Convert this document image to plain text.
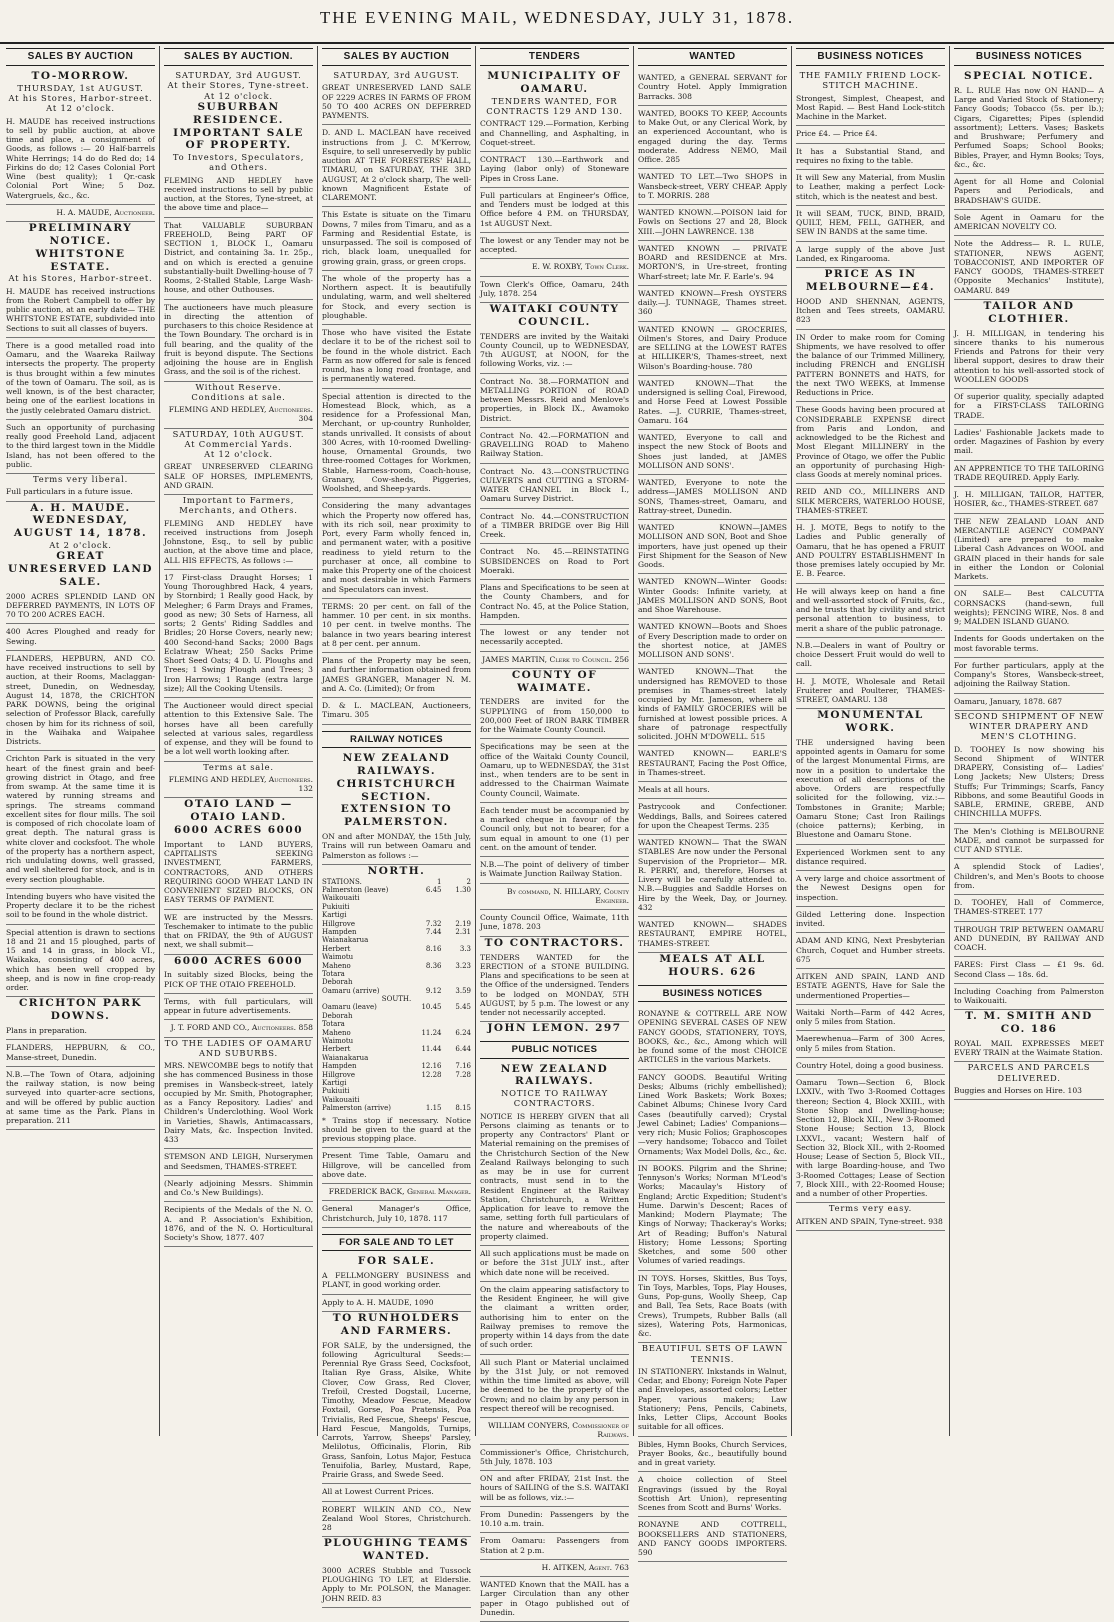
THE EVENING MAIL, WEDNESDAY, JULY 31, 1878.
SALES BY AUCTION
TO-MORROW.
THURSDAY, 1st AUGUST.
At his Stores, Harbor-street.
At 12 o'clock.
H. MAUDE has received instructions to sell by public auction, at above time and place, a consignment of Goods, as follows :— 20 Half-barrels White Herrings; 14 do do Red do; 14 Firkins do do; 12 Cases Colonial Port Wine (best quality); 1 Qr.-cask Colonial Port Wine; 5 Doz. Watergruels, &c., &c.
H. A. MAUDE, Auctioneer.
PRELIMINARY NOTICE.
WHITSTONE ESTATE.
At his Stores, Harbor-street.
H. MAUDE has received instructions from the Robert Campbell to offer by public auction, at an early date— THE WHITSTONE ESTATE, subdivided into Sections to suit all classes of buyers.
There is a good metalled road into Oamaru, and the Waareka Railway intersects the property. The property is thus brought within a few minutes of the town of Oamaru. The soil, as is well known, is of the best character, being one of the earliest locations in the justly celebrated Oamaru district.
Such an opportunity of purchasing really good Freehold Land, adjacent to the third largest town in the Middle Island, has not been offered to the public.
Terms very liberal.
Full particulars in a future issue.
A. H. MAUDE.
WEDNESDAY, AUGUST 14, 1878.
At 2 o'clock.
GREAT UNRESERVED LAND SALE.
2000 ACRES SPLENDID LAND ON DEFERRED PAYMENTS, IN LOTS OF 70 TO 200 ACRES EACH.
400 Acres Ploughed and ready for Sewing.
FLANDERS, HEPBURN, AND CO. have received instructions to sell by auction, at their Rooms, Maclaggan-street, Dunedin, on Wednesday, August 14, 1878, the CRICHTON PARK DOWNS, being the original selection of Professor Black, carefully chosen by him for its richness of soil, in the Waihaka and Waipahee Districts.
Crichton Park is situated in the very heart of the finest grain and beef-growing district in Otago, and free from swamp. At the same time it is watered by running streams and springs. The streams command excellent sites for flour mills. The soil is composed of rich chocolate loam of great depth. The natural grass is white clover and cocksfoot. The whole of the property has a northern aspect, rich undulating downs, well grassed, and well sheltered for stock, and is in every section ploughable.
Intending buyers who have visited the Property declare it to be the richest soil to be found in the whole district.
Special attention is drawn to sections 18 and 21 and 15 ploughed, parts of 15 and 14 in grass, in block VI., Waikaka, consisting of 400 acres, which has been well cropped by sheep, and is now in fine crop-ready order.
CRICHTON PARK DOWNS.
Plans in preparation.
FLANDERS, HEPBURN, & CO., Manse-street, Dunedin.
N.B.—The Town of Otara, adjoining the railway station, is now being surveyed into quarter-acre sections, and will be offered by public auction at same time as the Park. Plans in preparation. 211
SALES BY AUCTION.
SATURDAY, 3rd AUGUST.
At their Stores, Tyne-street.
At 12 o'clock.
SUBURBAN RESIDENCE.
IMPORTANT SALE OF PROPERTY.
To Investors, Speculators, and Others.
FLEMING AND HEDLEY have received instructions to sell by public auction, at the Stores, Tyne-street, at the above time and place—
That VALUABLE SUBURBAN FREEHOLD, Being PART OF SECTION 1, BLOCK I., Oamaru District, and containing 3a. 1r. 25p., and on which is erected a genuine substantially-built Dwelling-house of 7 Rooms, 2-Stalled Stable, Large Wash-house, and other Outhouses.
The auctioneers have much pleasure in directing the attention of purchasers to this choice Residence at the Town Boundary. The orchard is in full bearing, and the quality of the fruit is beyond dispute. The Sections adjoining the house are in English Grass, and the soil is of the richest.
Without Reserve.
Conditions at sale.
FLEMING AND HEDLEY, Auctioneers. 304
SATURDAY, 10th AUGUST.
At Commercial Yards.
At 12 o'clock.
GREAT UNRESERVED CLEARING SALE OF HORSES, IMPLEMENTS, AND GRAIN.
Important to Farmers, Merchants, and Others.
FLEMING AND HEDLEY have received instructions from Joseph Johnstone, Esq., to sell by public auction, at the above time and place, ALL HIS EFFECTS, As follows :—
17 First-class Draught Horses; 1 Young Thoroughbred Hack, 4 years, by Stornbird; 1 Really good Hack, by Melegher; 6 Farm Drays and Frames, good as new; 30 Sets of Harness, all sorts; 2 Gents' Riding Saddles and Bridles; 20 Horse Covers, nearly new; 400 Second-hand Sacks; 2000 Bags Eclatraw Wheat; 250 Sacks Prime Short Seed Oats; 4 D. U. Ploughs and Trees; 1 Swing Plough and Trees; 3 Iron Harrows; 1 Range (extra large size); All the Cooking Utensils.
The Auctioneer would direct special attention to this Extensive Sale. The horses have all been carefully selected at various sales, regardless of expense, and they will be found to be a lot well worth looking after.
Terms at sale.
FLEMING AND HEDLEY, Auctioneers. 132
OTAIO LAND — OTAIO LAND.
6000 ACRES 6000
Important to LAND BUYERS, CAPITALISTS SEEKING INVESTMENT, FARMERS, CONTRACTORS, AND OTHERS REQUIRING GOOD WHEAT LAND IN CONVENIENT SIZED BLOCKS, ON EASY TERMS OF PAYMENT.
WE are instructed by the Messrs. Teschemaker to intimate to the public that on FRIDAY, the 9th of AUGUST next, we shall submit—
6000 ACRES 6000
In suitably sized Blocks, being the PICK OF THE OTAIO FREEHOLD.
Terms, with full particulars, will appear in future advertisements.
J. T. FORD AND CO., Auctioneers. 858
TO THE LADIES OF OAMARU AND SUBURBS.
MRS. NEWCOMBE begs to notify that she has commenced Business in those premises in Wansbeck-street, lately occupied by Mr. Smith, Photographer, as a Fancy Repository. Ladies' and Children's Underclothing. Wool Work in Varieties, Shawls, Antimacassars, Dairy Mats, &c. Inspection Invited. 433
STEMSON AND LEIGH, Nurserymen and Seedsmen, THAMES-STREET.
(Nearly adjoining Messrs. Shimmin and Co.'s New Buildings).
Recipients of the Medals of the N. O. A. and P. Association's Exhibition, 1876, and of the N. O. Horticultural Society's Show, 1877. 407
SALES BY AUCTION
SATURDAY, 3rd AUGUST.
GREAT UNRESERVED LAND SALE OF 2229 ACRES IN FARMS OF FROM 50 TO 400 ACRES ON DEFERRED PAYMENTS.
D. AND L. MACLEAN have received instructions from J. C. M'Kerrow, Esquire, to sell unreservedly by public auction AT THE FORESTERS' HALL, TIMARU, on SATURDAY, THE 3RD AUGUST, At 2 o'clock sharp, The well-known Magnificent Estate of CLAREMONT.
This Estate is situate on the Timaru Downs, 7 miles from Timaru, and as a Farming and Residential Estate, is unsurpassed. The soil is composed of rich, black loam, unequalled for growing grain, grass, or green crops.
The whole of the property has a Northern aspect. It is beautifully undulating, warm, and well sheltered for Stock, and every section is ploughable.
Those who have visited the Estate declare it to be of the richest soil to be found in the whole district. Each Farm as now offered for sale is fenced round, has a long road frontage, and is permanently watered.
Special attention is directed to the Homestead Block, which, as a residence for a Professional Man, Merchant, or up-country Runholder, stands unrivalled. It consists of about 300 Acres, with 10-roomed Dwelling-house, Ornamental Grounds, two three-roomed Cottages for Workmen, Stable, Harness-room, Coach-house, Granary, Cow-sheds, Piggeries, Woolshed, and Sheep-yards.
Considering the many advantages which the Property now offered has, with its rich soil, near proximity to Port, every Farm wholly fenced in, and permanent water, with a positive readiness to yield return to the purchaser at once, all combine to make this Property one of the choicest and most desirable in which Farmers and Speculators can invest.
TERMS: 20 per cent. on fall of the hammer. 10 per cent. in six months. 10 per cent. in twelve months. The balance in two years bearing interest at 8 per cent. per annum.
Plans of the Property may be seen, and further information obtained from JAMES GRANGER, Manager N. M. and A. Co. (Limited); Or from
D. & L. MACLEAN, Auctioneers, Timaru. 305
RAILWAY NOTICES
NEW ZEALAND RAILWAYS.
CHRISTCHURCH SECTION.
EXTENSION TO PALMERSTON.
ON and after MONDAY, the 15th July, Trains will run between Oamaru and Palmerston as follows :—
NORTH.
STATIONS.	1	2
Palmerston (leave)	6.45	1.30
Waikouaiti
Pukiuiti
Kartigi
Hillgrove	7.32	2.19
Hampden	7.44	2.31
Waianakarua
Herbert	8.16	3.3
Waimotu
Maheno	8.36	3.23
Totara
Deborah
Oamaru (arrive)	9.12	3.59
SOUTH.
Oamaru (leave)	10.45	5.45
Deborah
Totara
Maheno	11.24	6.24
Waimotu
Herbert	11.44	6.44
Waianakarua
Hampden	12.16	7.16
Hillgrove	12.28	7.28
Kartigi
Pukiuiti
Waikouaiti
Palmerston (arrive)	1.15	8.15
* Trains stop if necessary. Notice should be given to the guard at the previous stopping place.
Present Time Table, Oamaru and Hillgrove, will be cancelled from above date.
FREDERICK BACK, General Manager.
General Manager's Office, Christchurch, July 10, 1878. 117
FOR SALE AND TO LET
FOR SALE.
A FELLMONGERY BUSINESS and PLANT, in good working order.
Apply to A. H. MAUDE, 1090
TO RUNHOLDERS AND FARMERS.
FOR SALE, by the undersigned, the following Agricultural Seeds:— Perennial Rye Grass Seed, Cocksfoot, Italian Rye Grass, Alsike, White Clover, Cow Grass, Red Clover, Trefoil, Crested Dogstail, Lucerne, Timothy, Meadow Fescue, Meadow Foxtail, Gorse, Poa Pratensis, Poa Trivialis, Red Fescue, Sheeps' Fescue, Hard Fescue, Mangolds, Turnips, Carrots, Yarrow, Sheeps' Parsley, Melilotus, Officinalis, Florin, Rib Grass, Sanfoin, Lotus Major, Festuca Tenuifolia, Barley, Mustard, Rape, Prairie Grass, and Swede Seed.
All at Lowest Current Prices.
ROBERT WILKIN AND CO., New Zealand Wool Stores, Christchurch. 28
PLOUGHING TEAMS WANTED.
3000 ACRES Stubble and Tussock PLOUGHING TO LET, at Elderslie. Apply to Mr. POLSON, the Manager. JOHN REID. 83
TENDERS
MUNICIPALITY OF OAMARU.
TENDERS WANTED, FOR CONTRACTS 129 AND 130.
CONTRACT 129.—Formation, Kerbing and Channelling, and Asphalting, in Coquet-street.
CONTRACT 130.—Earthwork and Laying (labor only) of Stoneware Pipes in Cross Lane.
Full particulars at Engineer's Office, and Tenders must be lodged at this Office before 4 P.M. on THURSDAY, 1st AUGUST Next.
The lowest or any Tender may not be accepted.
E. W. ROXBY, Town Clerk.
Town Clerk's Office, Oamaru, 24th July, 1878. 254
WAITAKI COUNTY COUNCIL.
TENDERS are invited by the Waitaki County Council, up to WEDNESDAY, 7th AUGUST, at NOON, for the following Works, viz. :—
Contract No. 38.—FORMATION and METALLING PORTION of ROAD between Messrs. Reid and Menlove's properties, in Block IX., Awamoko District.
Contract No. 42.—FORMATION and GRAVELLING ROAD to Maheno Railway Station.
Contract No. 43.—CONSTRUCTING CULVERTS and CUTTING a STORM-WATER CHANNEL in Block I., Oamaru Survey District.
Contract No. 44.—CONSTRUCTION of a TIMBER BRIDGE over Big Hill Creek.
Contract No. 45.—REINSTATING SUBSIDENCES on Road to Port Moeraki.
Plans and Specifications to be seen at the County Chambers, and for Contract No. 45, at the Police Station, Hampden.
The lowest or any tender not necessarily accepted.
JAMES MARTIN, Clerk to Council. 256
COUNTY OF WAIMATE.
TENDERS are invited for the SUPPLYING of from 150,000 to 200,000 Feet of IRON BARK TIMBER for the Waimate County Council.
Specifications may be seen at the office of the Waitaki County Council, Oamaru, up to WEDNESDAY, the 31st inst., when tenders are to be sent in addressed to the Chairman Waimate County Council, Waimate.
Each tender must be accompanied by a marked cheque in favour of the Council only, but not to bearer, for a sum equal in amount to one (1) per cent. on the amount of tender.
N.B.—The point of delivery of timber is Waimate Junction Railway Station.
By command, N. HILLARY, County Engineer.
County Council Office, Waimate, 11th June, 1878. 203
TO CONTRACTORS.
TENDERS WANTED for the ERECTION of a STONE BUILDING. Plans and specifications to be seen at the Office of the undersigned. Tenders to be lodged on MONDAY, 5TH AUGUST, by 5 p.m. The lowest or any tender not necessarily accepted.
JOHN LEMON. 297
PUBLIC NOTICES
NEW ZEALAND RAILWAYS.
NOTICE TO RAILWAY CONTRACTORS.
NOTICE IS HEREBY GIVEN that all Persons claiming as tenants or to property any Contractors' Plant or Material remaining on the premises of the Christchurch Section of the New Zealand Railways belonging to such as may be in use for current contracts, must send in to the Resident Engineer at the Railway Station, Christchurch, a Written Application for leave to remove the same, setting forth full particulars of the nature and whereabouts of the property claimed.
All such applications must be made on or before the 31st JULY inst., after which date none will be received.
On the claim appearing satisfactory to the Resident Engineer, he will give the claimant a written order, authorising him to enter on the Railway premises to remove the property within 14 days from the date of such order.
All such Plant or Material unclaimed by the 31st July, or not removed within the time limited as above, will be deemed to be the property of the Crown; and no claim by any person in respect thereof will be recognised.
WILLIAM CONYERS, Commissioner of Railways.
Commissioner's Office, Christchurch, 5th July, 1878. 103
ON and after FRIDAY, 21st Inst. the hours of SAILING of the S.S. WAITAKI will be as follows, viz.:—
From Dunedin: Passengers by the 10.10 a.m. train.
From Oamaru: Passengers from Station at 2 p.m.
H. AITKEN, Agent. 763
WANTED Known that the MAIL has a Larger Circulation than any other paper in Otago published out of Dunedin.
WANTED
WANTED, a GENERAL SERVANT for Country Hotel. Apply Immigration Barracks. 308
WANTED, BOOKS TO KEEP, Accounts to Make Out, or any Clerical Work, by an experienced Accountant, who is engaged during the day. Terms moderate. Address NEMO, Mail Office. 285
WANTED TO LET.—Two SHOPS in Wansbeck-street, VERY CHEAP. Apply to T. MORRIS. 288
WANTED KNOWN.—POISON laid for Fowls on Sections 27 and 28, Block XIII.—JOHN LAWRENCE. 138
WANTED KNOWN — PRIVATE BOARD and RESIDENCE at Mrs. MORTON'S, in Ure-street, fronting Wharf-street; late Mr. F. Earle's. 94
WANTED KNOWN—Fresh OYSTERS daily.—J. TUNNAGE, Thames street. 360
WANTED KNOWN — GROCERIES, Oilmen's Stores, and Dairy Produce are SELLING at the LOWEST RATES at HILLIKER'S, Thames-street, next Wilson's Boarding-house. 780
WANTED KNOWN—That the undersigned is selling Coal, Firewood, and Horse Feed at Lowest Possible Rates. —J. CURRIE, Thames-street, Oamaru. 164
WANTED, Everyone to call and inspect the new Stock of Boots and Shoes just landed, at JAMES MOLLISON AND SONS'.
WANTED, Everyone to note the address—JAMES MOLLISON AND SONS, Thames-street, Oamaru, and Rattray-street, Dunedin.
WANTED KNOWN—JAMES MOLLISON AND SON, Boot and Shoe importers, have just opened up their First Shipment for the Season of New Goods.
WANTED KNOWN—Winter Goods: Winter Goods: Infinite variety, at JAMES MOLLISON AND SONS, Boot and Shoe Warehouse.
WANTED KNOWN—Boots and Shoes of Every Description made to order on the shortest notice, at JAMES MOLLISON AND SONS'.
WANTED KNOWN—That the undersigned has REMOVED to those premises in Thames-street lately occupied by Mr. Jameson, where all kinds of FAMILY GROCERIES will be furnished at lowest possible prices. A share of patronage respectfully solicited. JOHN M'DOWELL. 515
WANTED KNOWN— EARLE'S RESTAURANT, Facing the Post Office, in Thames-street.
Meals at all hours.
Pastrycook and Confectioner. Weddings, Balls, and Soirees catered for upon the Cheapest Terms. 235
WANTED KNOWN— That the SWAN STABLES Are now under the Personal Supervision of the Proprietor— MR. R. PERRY, and, therefore, Horses at Livery will be carefully attended to. N.B.—Buggies and Saddle Horses on Hire by the Week, Day, or Journey. 432
WANTED KNOWN— SHADES RESTAURANT, EMPIRE HOTEL, THAMES-STREET.
MEALS AT ALL HOURS. 626
BUSINESS NOTICES
RONAYNE & COTTRELL ARE NOW OPENING SEVERAL CASES OF NEW FANCY GOODS, STATIONERY, TOYS, BOOKS, &c., &c., Among which will be found some of the most CHOICE ARTICLES in the various Markets.
FANCY GOODS. Beautiful Writing Desks; Albums (richly embellished); Lined Work Baskets; Work Boxes; Cabinet Albums; Chinese Ivory Card Cases (beautifully carved); Crystal Jewel Cabinet; Ladies' Companions—very rich; Music Folios; Graphoscopes—very handsome; Tobacco and Toilet Ornaments; Wax Model Dolls, &c., &c.
IN BOOKS. Pilgrim and the Shrine; Tennyson's Works; Norman M'Leod's Works; Macaulay's History of England; Arctic Expedition; Student's Hume. Darwin's Descent; Races of Mankind; Modern Playmate; The Kings of Norway; Thackeray's Works; Art of Reading; Buffon's Natural History; Home Lessons; Sporting Sketches, and some 500 other Volumes of varied readings.
IN TOYS. Horses, Skittles, Bus Toys, Tin Toys, Marbles, Tops, Play Houses, Guns, Pop-guns, Woolly Sheep, Cap and Ball, Tea Sets, Race Boats (with Crews), Trumpets, Rubber Balls (all sizes), Watering Pots, Harmonicas, &c.
BEAUTIFUL SETS OF LAWN TENNIS.
IN STATIONERY. Inkstands in Walnut, Cedar, and Ebony; Foreign Note Paper and Envelopes, assorted colors; Letter Paper, various makers; Law Stationery; Pens, Pencils, Cabinets, Inks, Letter Clips, Account Books suitable for all offices.
Bibles, Hymn Books, Church Services, Prayer Books, &c., beautifully bound and in great variety.
A choice collection of Steel Engravings (issued by the Royal Scottish Art Union), representing Scenes from Scott and Burns' Works.
RONAYNE AND COTTRELL, BOOKSELLERS AND STATIONERS, AND FANCY GOODS IMPORTERS. 590
BUSINESS NOTICES
THE FAMILY FRIEND LOCK-STITCH MACHINE.
Strongest, Simplest, Cheapest, and Most Rapid. — Best Hand Lock-stitch Machine in the Market.
Price £4. — Price £4.
It has a Substantial Stand, and requires no fixing to the table.
It will Sew any Material, from Muslin to Leather, making a perfect Lock-stitch, which is the neatest and best.
It will SEAM, TUCK, BIND, BRAID, QUILT, HEM, FELL, GATHER, and SEW IN BANDS at the same time.
A large supply of the above Just Landed, ex Ringarooma.
PRICE AS IN MELBOURNE—£4.
HOOD AND SHENNAN, AGENTS, Itchen and Tees streets, OAMARU. 823
IN Order to make room for Coming Shipments, we have resolved to offer the balance of our Trimmed Millinery, including FRENCH and ENGLISH PATTERN BONNETS and HATS, for the next TWO WEEKS, at Immense Reductions in Price.
These Goods having been procured at CONSIDERABLE EXPENSE direct from Paris and London, and acknowledged to be the Richest and Most Elegant MILLINERY in the Province of Otago, we offer the Public an opportunity of purchasing High-class Goods at merely nominal prices.
REID AND CO., MILLINERS AND SILK MERCERS, WATERLOO HOUSE, THAMES-STREET.
H. J. MOTE, Begs to notify to the Ladies and Public generally of Oamaru, that he has opened a FRUIT AND POULTRY ESTABLISHMENT In those premises lately occupied by Mr. E. B. Fearce.
He will always keep on hand a fine and well-assorted stock of Fruits, &c., and he trusts that by civility and strict personal attention to business, to merit a share of the public patronage.
N.B.—Dealers in want of Poultry or choice Dessert Fruit would do well to call.
H. J. MOTE, Wholesale and Retail Fruiterer and Poulterer, THAMES-STREET, OAMARU. 138
MONUMENTAL WORK.
THE undersigned having been appointed agents in Oamaru for some of the largest Monumental Firms, are now in a position to undertake the execution of all descriptions of the above. Orders are respectfully solicited for the following, viz.:— Tombstones in Granite; Marble; Oamaru Stone; Cast Iron Railings (choice patterns); Kerbing, in Bluestone and Oamaru Stone.
Experienced Workmen sent to any distance required.
A very large and choice assortment of the Newest Designs open for inspection.
Gilded Lettering done. Inspection invited.
ADAM AND KING, Next Presbyterian Church, Coquet and Humber streets. 675
AITKEN AND SPAIN, LAND AND ESTATE AGENTS, Have for Sale the undermentioned Properties—
Waitaki North—Farm of 442 Acres, only 5 miles from Station.
Maerewhenua—Farm of 300 Acres, only 5 miles from Station.
Country Hotel, doing a good business.
Oamaru Town—Section 6, Block LXXIV., with Two 3-Roomed Cottages thereon; Section 4, Block XXIII., with Stone Shop and Dwelling-house; Section 12, Block XII., New 3-Roomed Stone House; Section 13, Block LXXVI., vacant; Western half of Section 32, Block XII., with 2-Roomed House; Lease of Section 5, Block VII., with large Boarding-house, and Two 3-Roomed Cottages; Lease of Section 7, Block XIII., with 22-Roomed House; and a number of other Properties.
Terms very easy.
AITKEN AND SPAIN, Tyne-street. 938
BUSINESS NOTICES
SPECIAL NOTICE.
R. L. RULE Has now ON HAND— A Large and Varied Stock of Stationery; Fancy Goods; Tobacco (5s. per lb.); Cigars, Cigarettes; Pipes (splendid assortment); Letters. Vases; Baskets and Brushware; Perfumery and Perfumed Soaps; School Books; Bibles, Prayer, and Hymn Books; Toys, &c., &c.
Agent for all Home and Colonial Papers and Periodicals, and BRADSHAW'S GUIDE.
Sole Agent in Oamaru for the AMERICAN NOVELTY CO.
Note the Address— R. L. RULE, STATIONER, NEWS AGENT, TOBACCONIST, AND IMPORTER OF FANCY GOODS, THAMES-STREET (Opposite Mechanics' Institute), OAMARU. 849
TAILOR AND CLOTHIER.
J. H. MILLIGAN, in tendering his sincere thanks to his numerous Friends and Patrons for their very liberal support, desires to draw their attention to his well-assorted stock of WOOLLEN GOODS
Of superior quality, specially adapted for a FIRST-CLASS TAILORING TRADE.
Ladies' Fashionable Jackets made to order. Magazines of Fashion by every mail.
AN APPRENTICE TO THE TAILORING TRADE REQUIRED. Apply Early.
J. H. MILLIGAN, TAILOR, HATTER, HOSIER, &c., THAMES-STREET. 687
THE NEW ZEALAND LOAN AND MERCANTILE AGENCY COMPANY (Limited) are prepared to make Liberal Cash Advances on WOOL and GRAIN placed in their hands for sale in either the London or Colonial Markets.
ON SALE— Best CALCUTTA CORNSACKS (hand-sewn, full weights); FENCING WIRE, Nos. 8 and 9; MALDEN ISLAND GUANO.
Indents for Goods undertaken on the most favorable terms.
For further particulars, apply at the Company's Stores, Wansbeck-street, adjoining the Railway Station.
Oamaru, January, 1878. 687
SECOND SHIPMENT OF NEW WINTER DRAPERY AND MEN'S CLOTHING.
D. TOOHEY Is now showing his Second Shipment of WINTER DRAPERY, Consisting of— Ladies' Long Jackets; New Ulsters; Dress Stuffs; Fur Trimmings; Scarfs, Fancy Ribbons, and some Beautiful Goods in SABLE, ERMINE, GREBE, AND CHINCHILLA MUFFS.
The Men's Clothing is MELBOURNE MADE, and cannot be surpassed for CUT AND STYLE.
A splendid Stock of Ladies', Children's, and Men's Boots to choose from.
D. TOOHEY, Hall of Commerce, THAMES-STREET. 177
THROUGH TRIP BETWEEN OAMARU AND DUNEDIN, BY RAILWAY AND COACH.
FARES: First Class — £1 9s. 6d. Second Class — 18s. 6d.
Including Coaching from Palmerston to Waikouaiti.
T. M. SMITH AND CO. 186
ROYAL MAIL EXPRESSES MEET EVERY TRAIN at the Waimate Station.
PARCELS AND PARCELS DELIVERED.
Buggies and Horses on Hire. 103
